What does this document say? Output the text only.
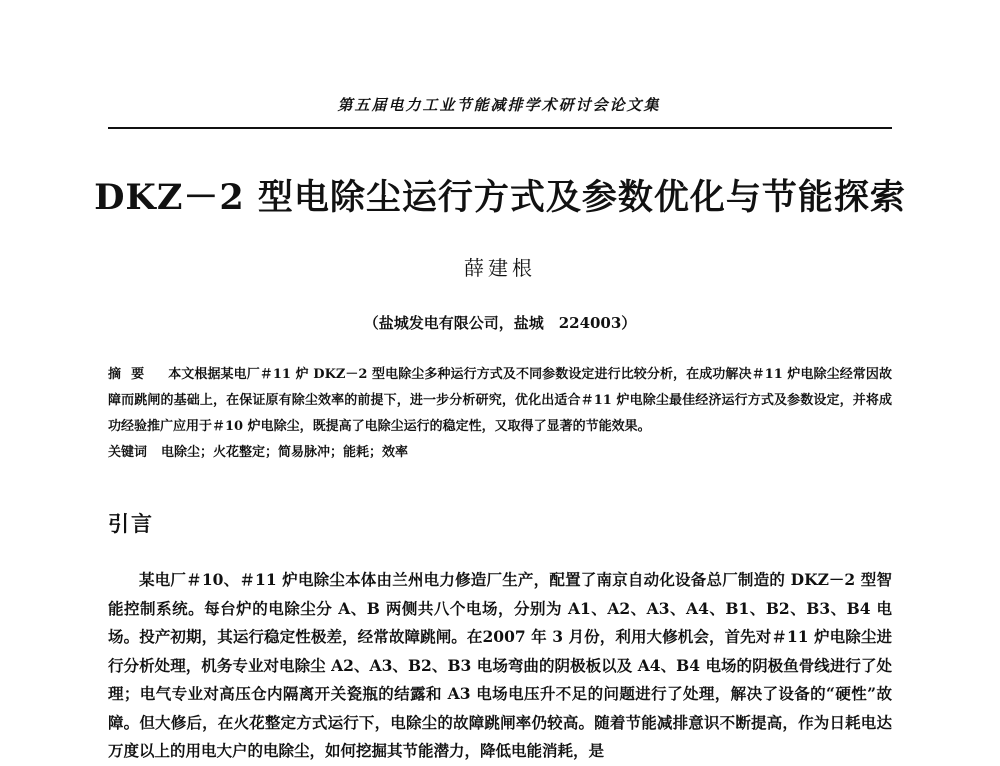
第五届电力工业节能减排学术研讨会论文集
DKZ－2 型电除尘运行方式及参数优化与节能探索
薛建根
（盐城发电有限公司，盐城　224003）

摘要 本文根据某电厂＃11 炉 DKZ－2 型电除尘多种运行方式及不同参数设定进行比较分析，在成功解决＃11 炉电除尘经常因故障而跳闸的基础上，在保证原有除尘效率的前提下，进一步分析研究，优化出适合＃11 炉电除尘最佳经济运行方式及参数设定，并将成功经验推广应用于＃10 炉电除尘，既提高了电除尘运行的稳定性，又取得了显著的节能效果。

关键词 电除尘；火花整定；简易脉冲；能耗；效率

引言

某电厂＃10、＃11 炉电除尘本体由兰州电力修造厂生产，配置了南京自动化设备总厂制造的 DKZ－2 型智能控制系统。每台炉的电除尘分 A、B 两侧共八个电场，分别为 A1、A2、A3、A4、B1、B2、B3、B4 电场。投产初期，其运行稳定性极差，经常故障跳闸。在2007 年 3 月份，利用大修机会，首先对＃11 炉电除尘进行分析处理，机务专业对电除尘 A2、A3、B2、B3 电场弯曲的阴极板以及 A4、B4 电场的阴极鱼骨线进行了处理；电气专业对高压仓内隔离开关瓷瓶的结露和 A3 电场电压升不足的问题进行了处理，解决了设备的“硬性”故障。但大修后，在火花整定方式运行下，电除尘的故障跳闸率仍较高。随着节能减排意识不断提高，作为日耗电达万度以上的用电大户的电除尘，如何挖掘其节能潜力，降低电能消耗，是
